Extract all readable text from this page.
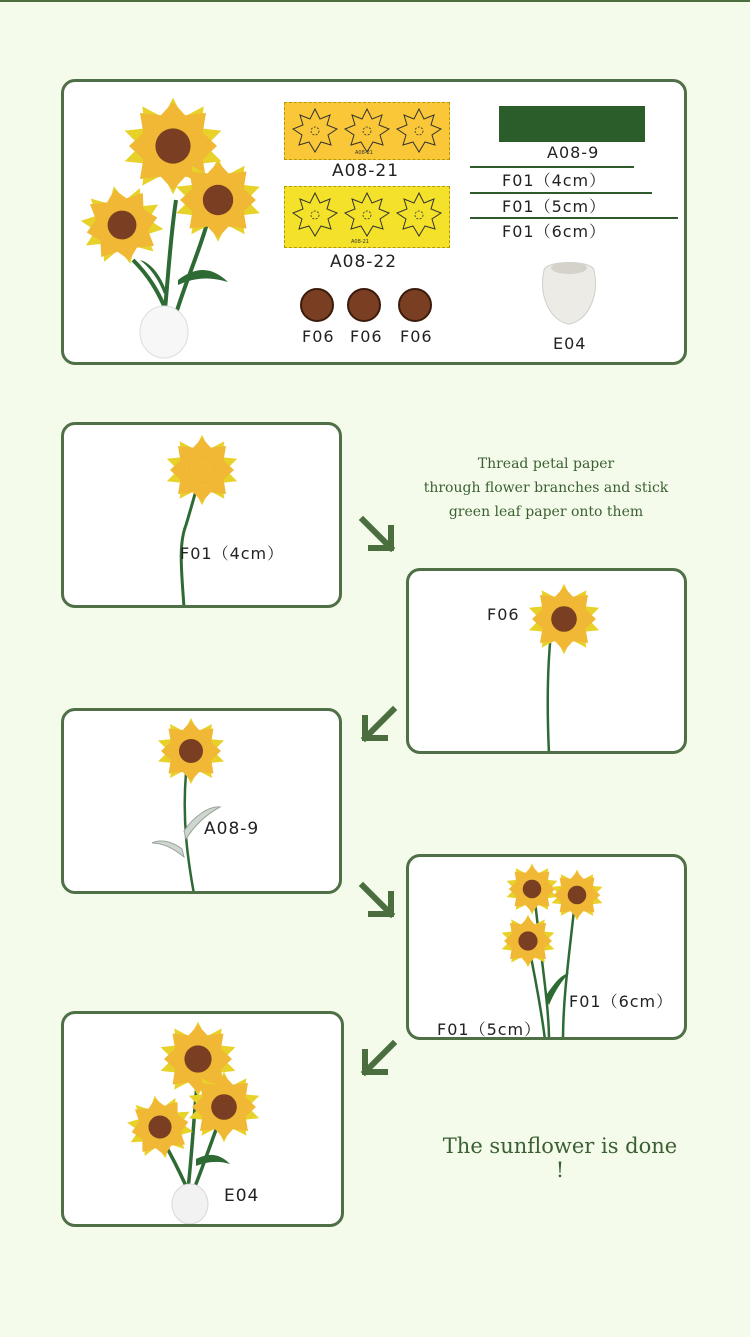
A08-21
A08-21
A08-21
A08-22
F06 F06 F06
A08-9
F01（4cm）
F01（5cm）
F01（6cm）
E04
F01（4cm）
Thread petal paper
through flower branches and stick
green leaf paper onto them
F06
A08-9
F01（6cm）
F01（5cm）
E04
The sunflower is done !
